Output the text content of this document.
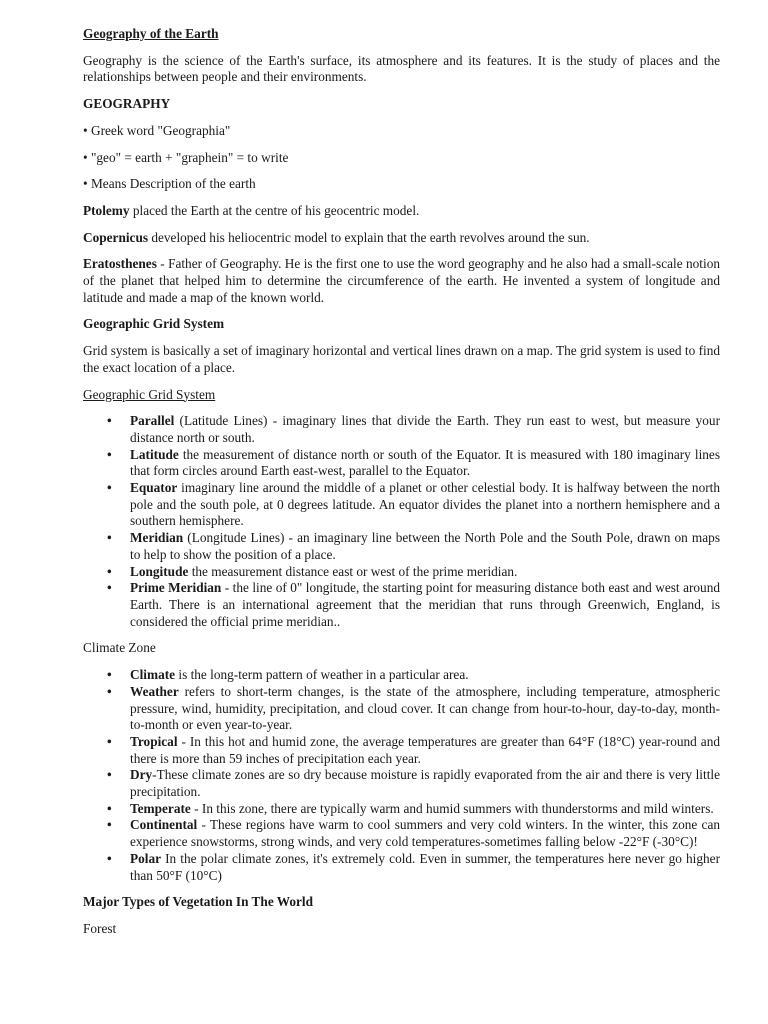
Geography of the Earth

Geography is the science of the Earth's surface, its atmosphere and its features. It is the study of places and the relationships between people and their environments.

GEOGRAPHY

• Greek word "Geographia"

• "geo" = earth + "graphein" = to write

• Means Description of the earth

Ptolemy placed the Earth at the centre of his geocentric model.

Copernicus developed his heliocentric model to explain that the earth revolves around the sun.

Eratosthenes - Father of Geography. He is the first one to use the word geography and he also had a small-scale notion of the planet that helped him to determine the circumference of the earth. He invented a system of longitude and latitude and made a map of the known world.

Geographic Grid System

Grid system is basically a set of imaginary horizontal and vertical lines drawn on a map. The grid system is used to find the exact location of a place.

Geographic Grid System

• Parallel (Latitude Lines) - imaginary lines that divide the Earth. They run east to west, but measure your distance north or south.
• Latitude the measurement of distance north or south of the Equator. It is measured with 180 imaginary lines that form circles around Earth east-west, parallel to the Equator.
• Equator imaginary line around the middle of a planet or other celestial body. It is halfway between the north pole and the south pole, at 0 degrees latitude. An equator divides the planet into a northern hemisphere and a southern hemisphere.
• Meridian (Longitude Lines) - an imaginary line between the North Pole and the South Pole, drawn on maps to help to show the position of a place.
• Longitude the measurement distance east or west of the prime meridian.
• Prime Meridian - the line of 0" longitude, the starting point for measuring distance both east and west around Earth. There is an international agreement that the meridian that runs through Greenwich, England, is considered the official prime meridian..

Climate Zone

• Climate is the long-term pattern of weather in a particular area.
• Weather refers to short-term changes, is the state of the atmosphere, including temperature, atmospheric pressure, wind, humidity, precipitation, and cloud cover. It can change from hour-to-hour, day-to-day, month-to-month or even year-to-year.
• Tropical - In this hot and humid zone, the average temperatures are greater than 64°F (18°C) year-round and there is more than 59 inches of precipitation each year.
• Dry-These climate zones are so dry because moisture is rapidly evaporated from the air and there is very little precipitation.
• Temperate - In this zone, there are typically warm and humid summers with thunderstorms and mild winters.
• Continental - These regions have warm to cool summers and very cold winters. In the winter, this zone can experience snowstorms, strong winds, and very cold temperatures-sometimes falling below -22°F (-30°C)!
• Polar In the polar climate zones, it's extremely cold. Even in summer, the temperatures here never go higher than 50°F (10°C)

Major Types of Vegetation In The World

Forest
